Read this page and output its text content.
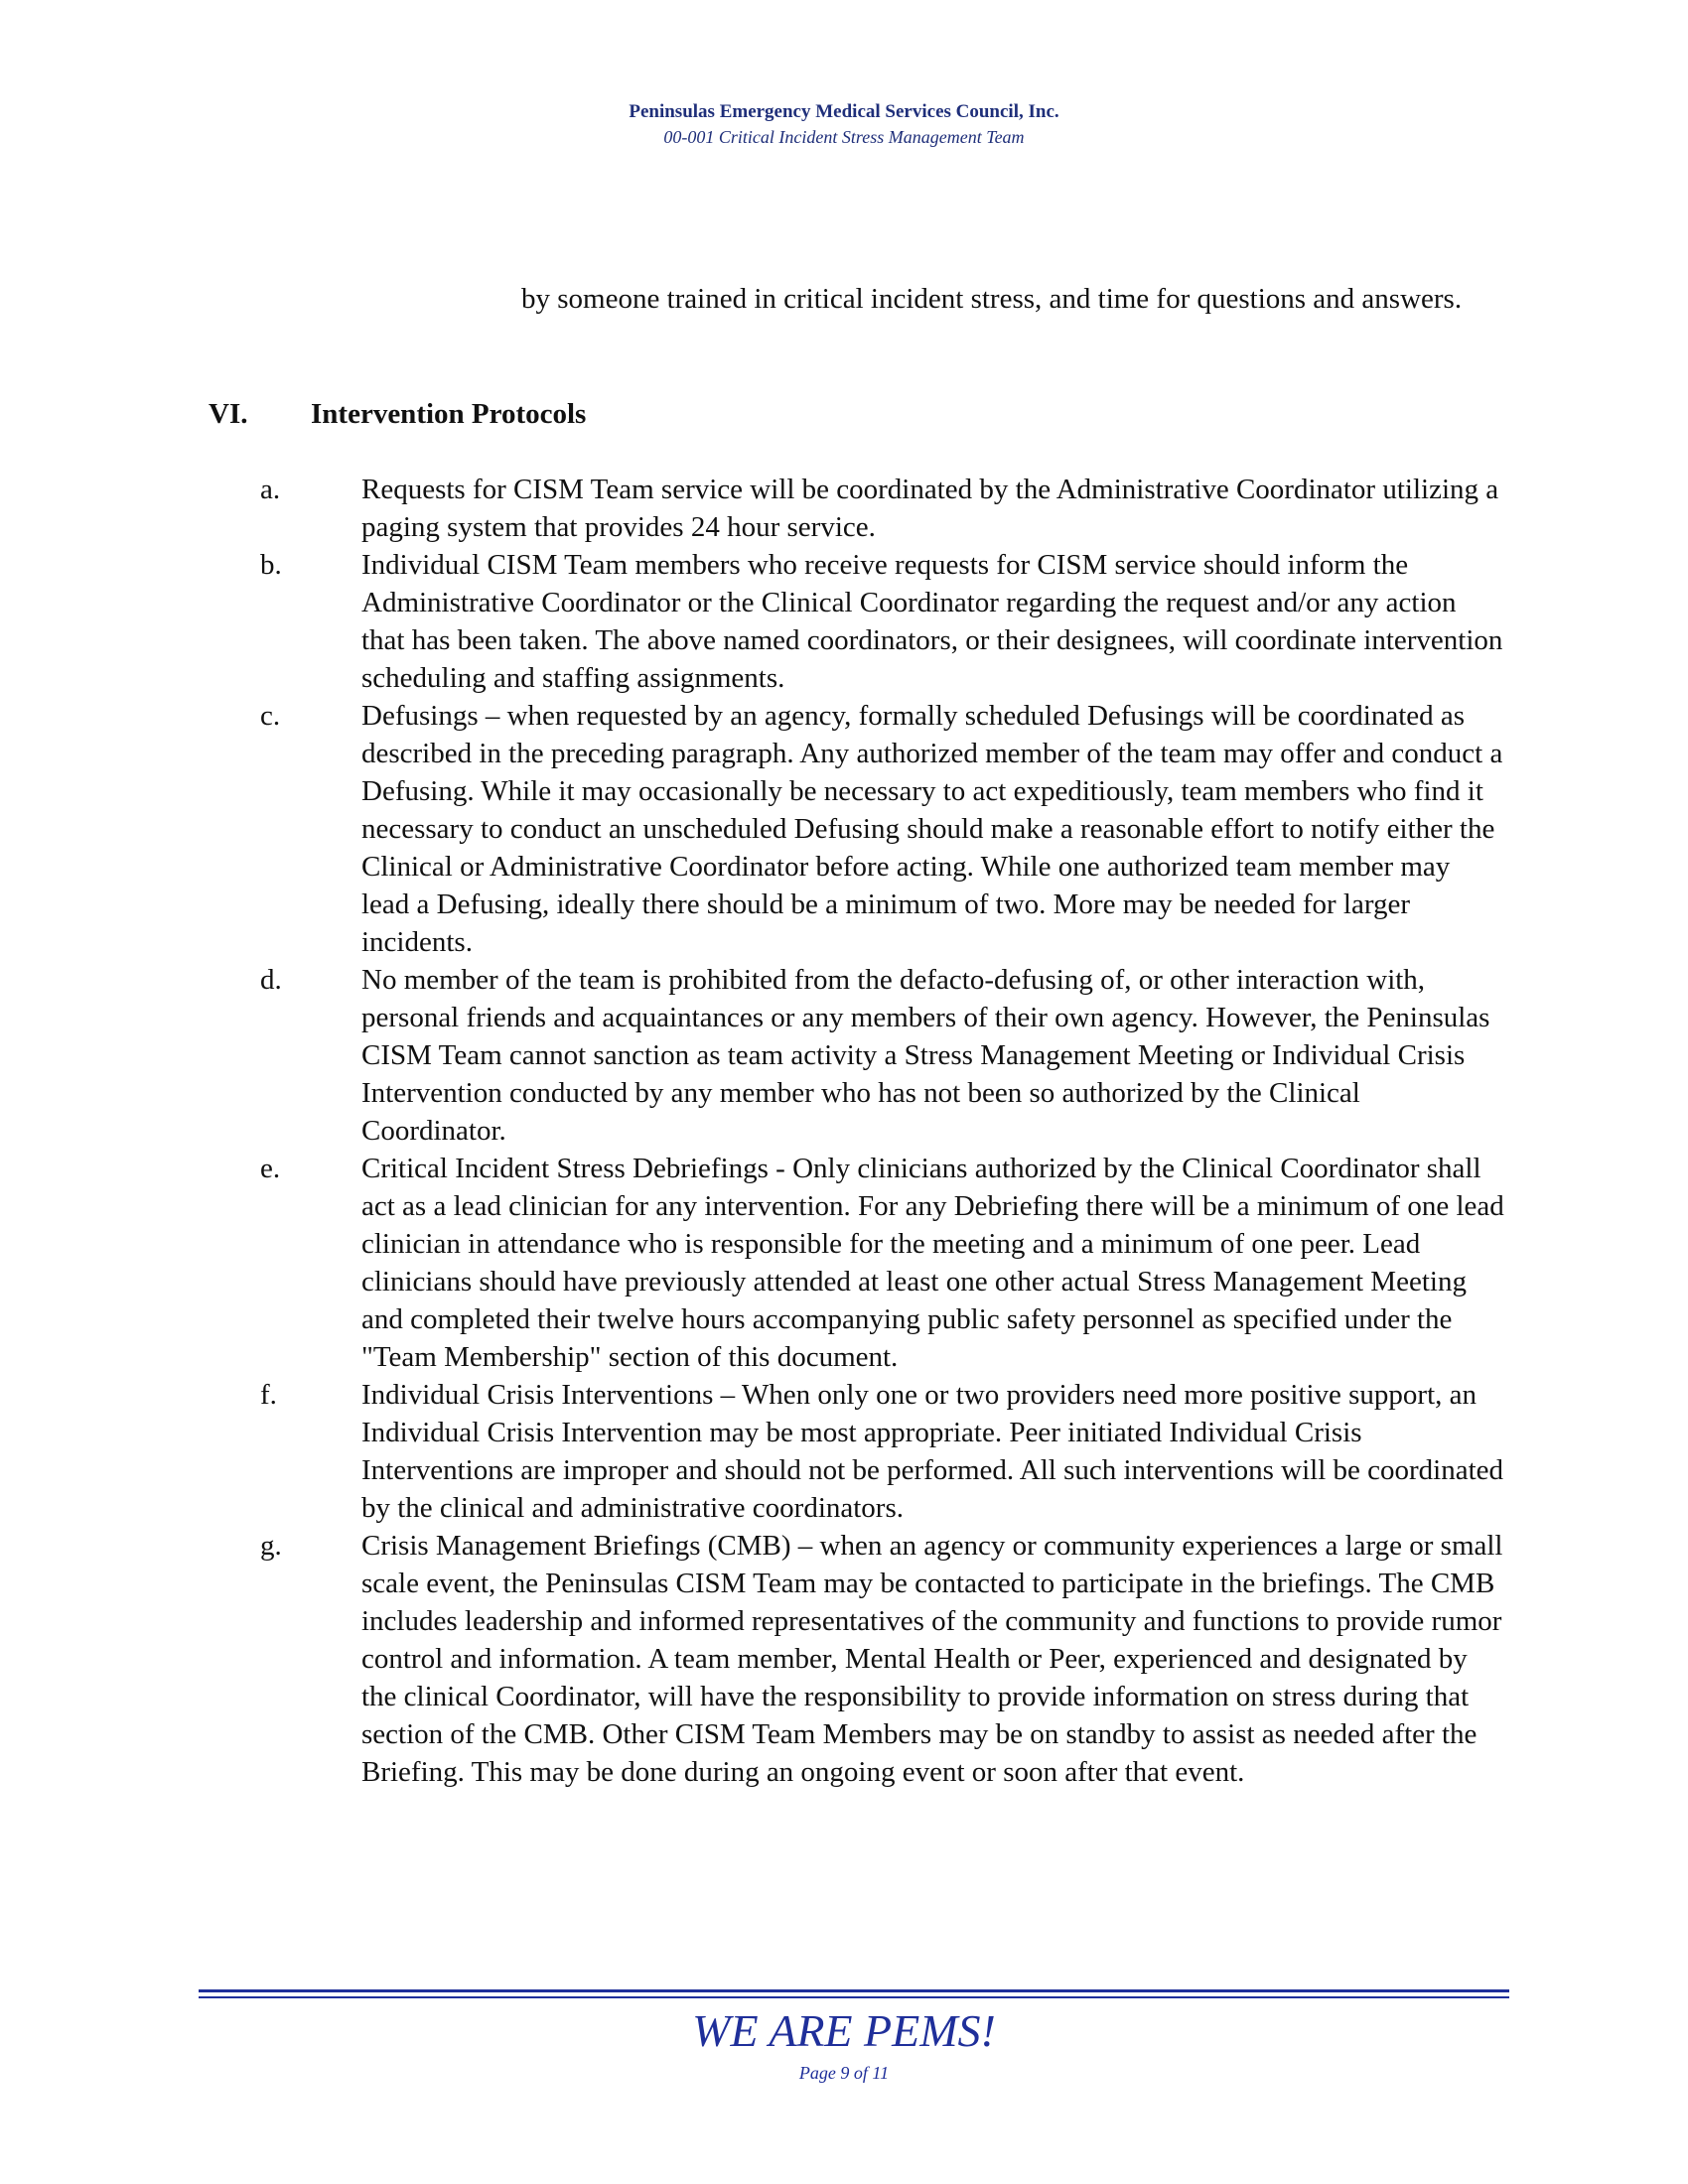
Peninsulas Emergency Medical Services Council, Inc.
00-001 Critical Incident Stress Management Team
by someone trained in critical incident stress, and time for questions and answers.
VI. Intervention Protocols
a.	Requests for CISM Team service will be coordinated by the Administrative Coordinator utilizing a paging system that provides 24 hour service.
b.	Individual CISM Team members who receive requests for CISM service should inform the Administrative Coordinator or the Clinical Coordinator regarding the request and/or any action that has been taken. The above named coordinators, or their designees, will coordinate intervention scheduling and staffing assignments.
c.	Defusings – when requested by an agency, formally scheduled Defusings will be coordinated as described in the preceding paragraph. Any authorized member of the team may offer and conduct a Defusing. While it may occasionally be necessary to act expeditiously, team members who find it necessary to conduct an unscheduled Defusing should make a reasonable effort to notify either the Clinical or Administrative Coordinator before acting. While one authorized team member may lead a Defusing, ideally there should be a minimum of two. More may be needed for larger incidents.
d.	No member of the team is prohibited from the defacto-defusing of, or other interaction with, personal friends and acquaintances or any members of their own agency. However, the Peninsulas CISM Team cannot sanction as team activity a Stress Management Meeting or Individual Crisis Intervention conducted by any member who has not been so authorized by the Clinical Coordinator.
e.	Critical Incident Stress Debriefings - Only clinicians authorized by the Clinical Coordinator shall act as a lead clinician for any intervention. For any Debriefing there will be a minimum of one lead clinician in attendance who is responsible for the meeting and a minimum of one peer. Lead clinicians should have previously attended at least one other actual Stress Management Meeting and completed their twelve hours accompanying public safety personnel as specified under the "Team Membership" section of this document.
f.	Individual Crisis Interventions – When only one or two providers need more positive support, an Individual Crisis Intervention may be most appropriate. Peer initiated Individual Crisis Interventions are improper and should not be performed. All such interventions will be coordinated by the clinical and administrative coordinators.
g.	Crisis Management Briefings (CMB) – when an agency or community experiences a large or small scale event, the Peninsulas CISM Team may be contacted to participate in the briefings. The CMB includes leadership and informed representatives of the community and functions to provide rumor control and information. A team member, Mental Health or Peer, experienced and designated by the clinical Coordinator, will have the responsibility to provide information on stress during that section of the CMB. Other CISM Team Members may be on standby to assist as needed after the Briefing. This may be done during an ongoing event or soon after that event.
WE ARE PEMS!
Page 9 of 11
